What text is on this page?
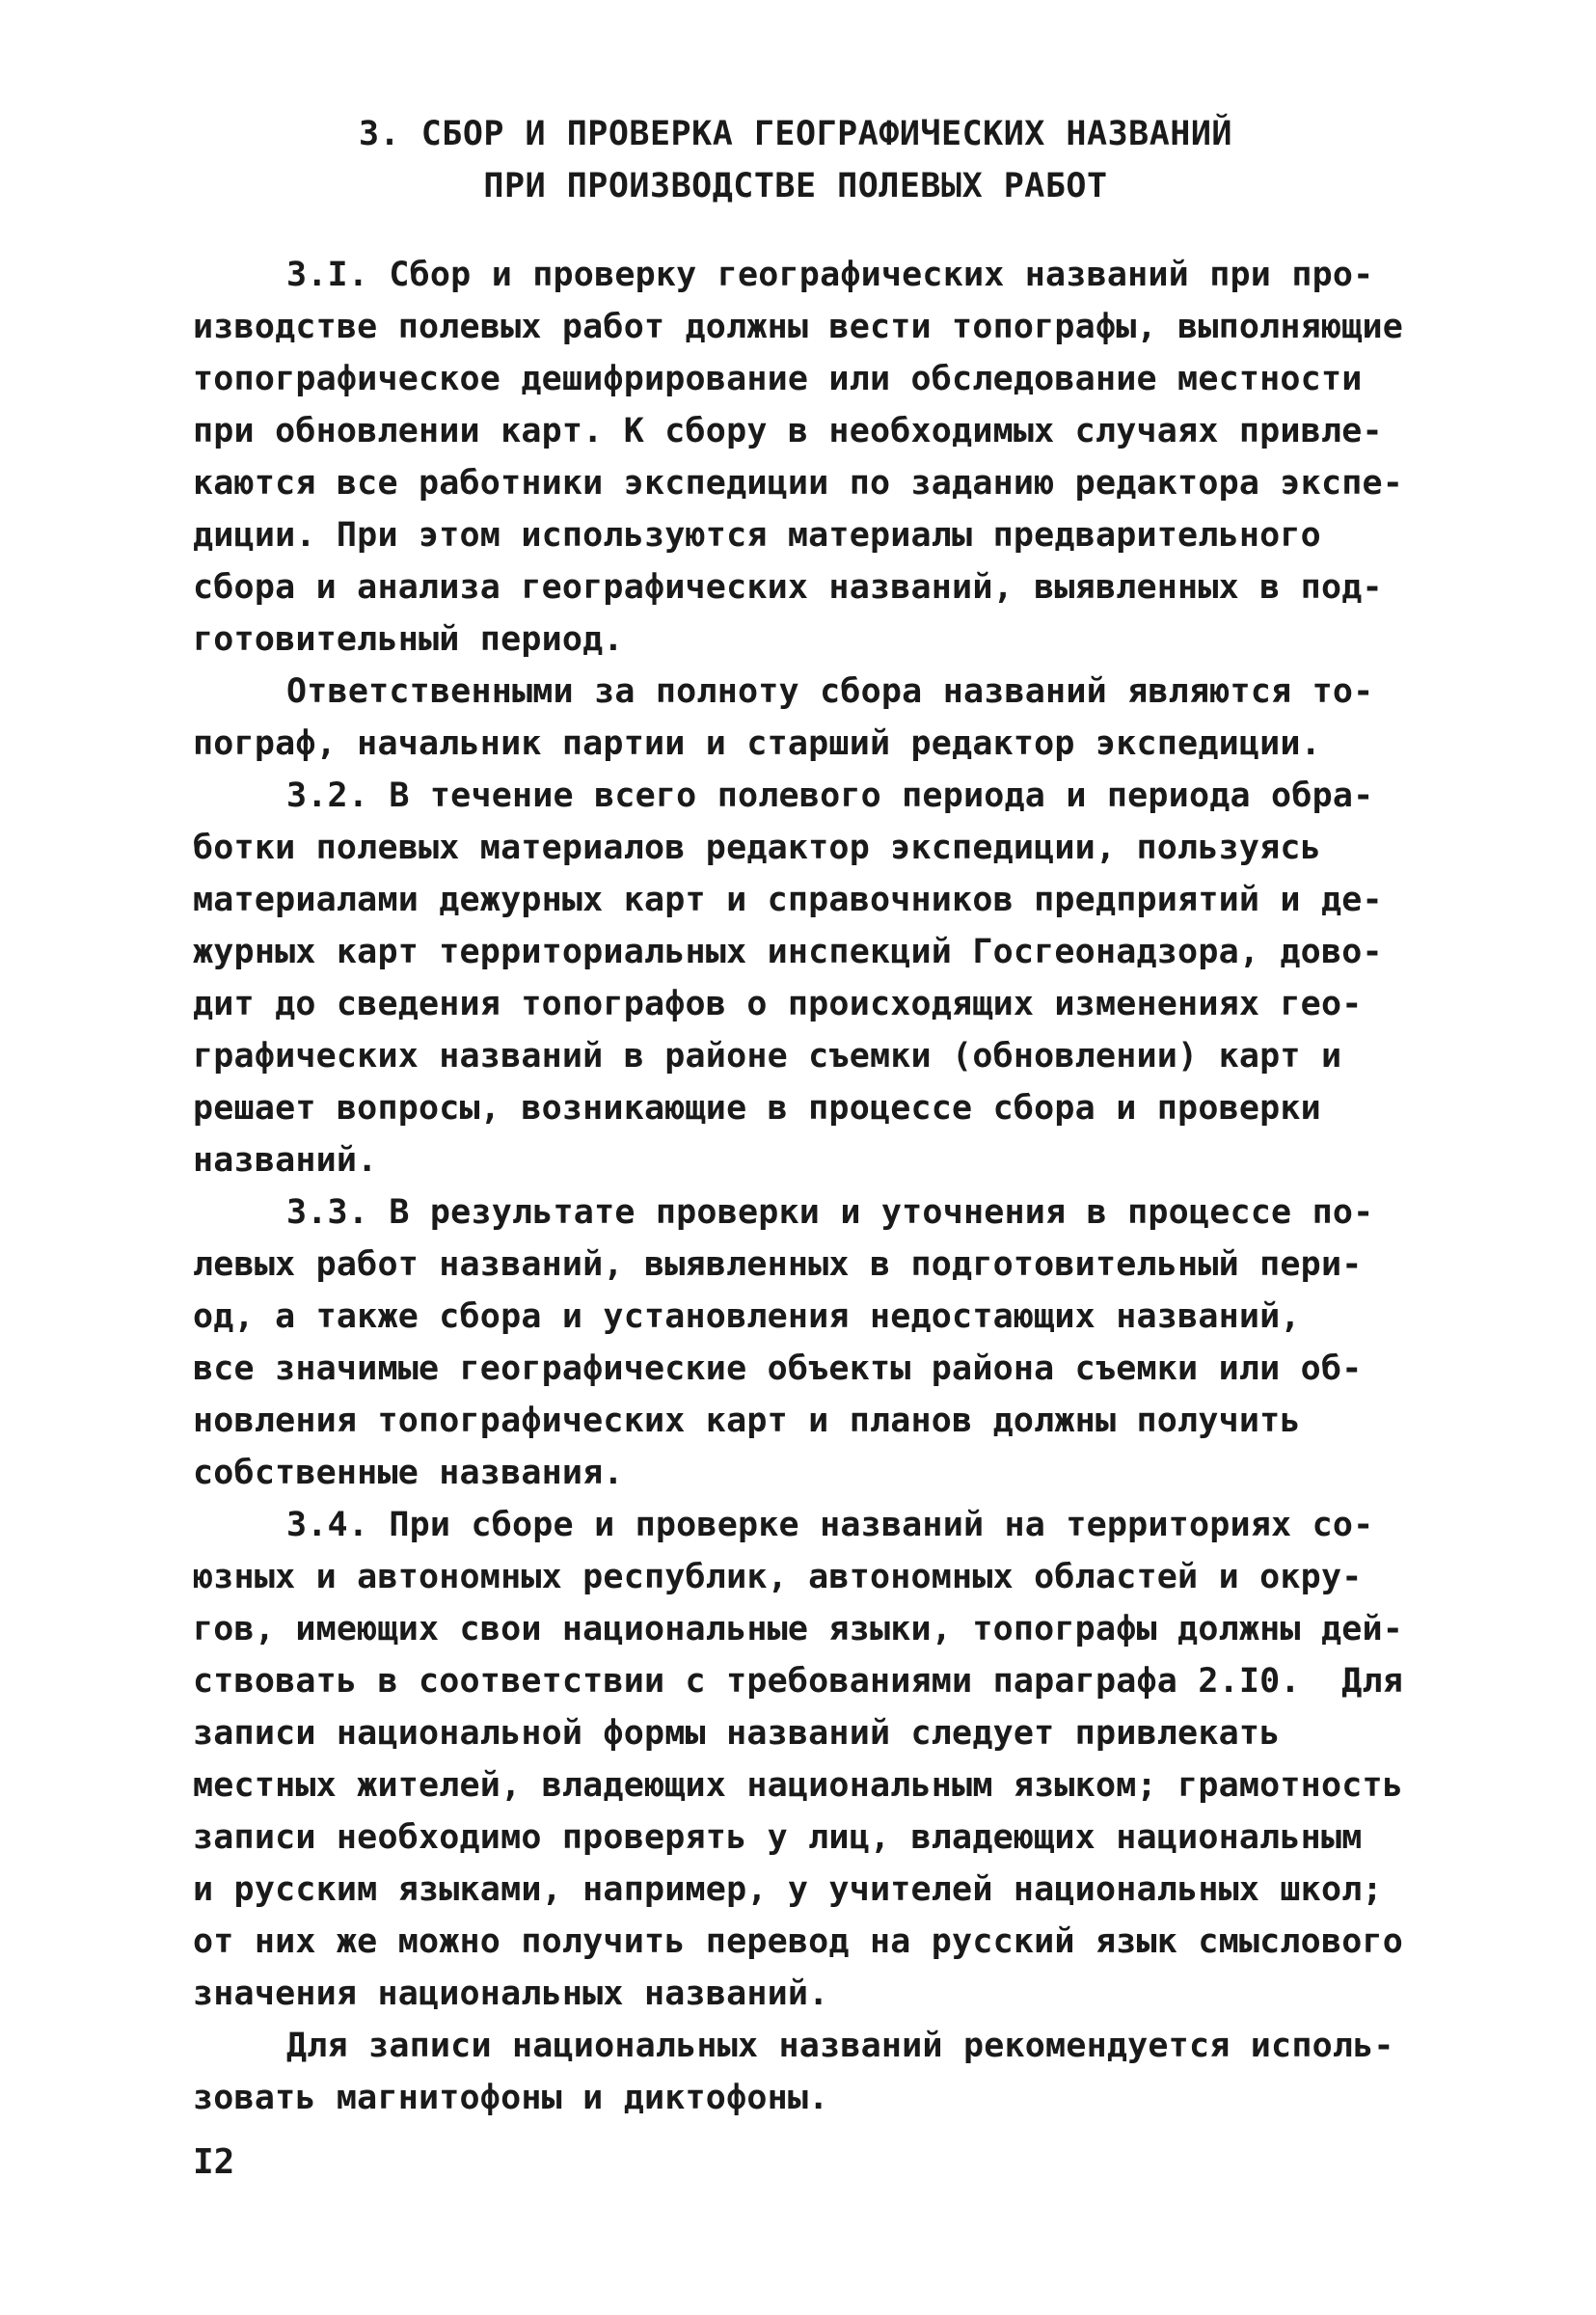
3. СБОР И ПРОВЕРКА ГЕОГРАФИЧЕСКИХ НАЗВАНИЙ
ПРИ ПРОИЗВОДСТВЕ ПОЛЕВЫХ РАБОТ
3.I. Сбор и проверку географических названий при про-
изводстве полевых работ должны вести топографы, выполняющие
топографическое дешифрирование или обследование местности
при обновлении карт. К сбору в необходимых случаях привле-
каются все работники экспедиции по заданию редактора экспе-
диции. При этом используются материалы предварительного
сбора и анализа географических названий, выявленных в под-
готовительный период.
Ответственными за полноту сбора названий являются то-
пограф, начальник партии и старший редактор экспедиции.
3.2. В течение всего полевого периода и периода обра-
ботки полевых материалов редактор экспедиции, пользуясь
материалами дежурных карт и справочников предприятий и де-
журных карт территориальных инспекций Госгеонадзора, дово-
дит до сведения топографов о происходящих изменениях гео-
графических названий в районе съемки (обновлении) карт и
решает вопросы, возникающие в процессе сбора и проверки
названий.
3.3. В результате проверки и уточнения в процессе по-
левых работ названий, выявленных в подготовительный пери-
од, а также сбора и установления недостающих названий,
все значимые географические объекты района съемки или об-
новления топографических карт и планов должны получить
собственные названия.
3.4. При сборе и проверке названий на территориях со-
юзных и автономных республик, автономных областей и окру-
гов, имеющих свои национальные языки, топографы должны дей-
ствовать в соответствии с требованиями параграфа 2.I0.  Для
записи национальной формы названий следует привлекать
местных жителей, владеющих национальным языком; грамотность
записи необходимо проверять у лиц, владеющих национальным
и русским языками, например, у учителей национальных школ;
от них же можно получить перевод на русский язык смыслового
значения национальных названий.
Для записи национальных названий рекомендуется исполь-
зовать магнитофоны и диктофоны.
I2
